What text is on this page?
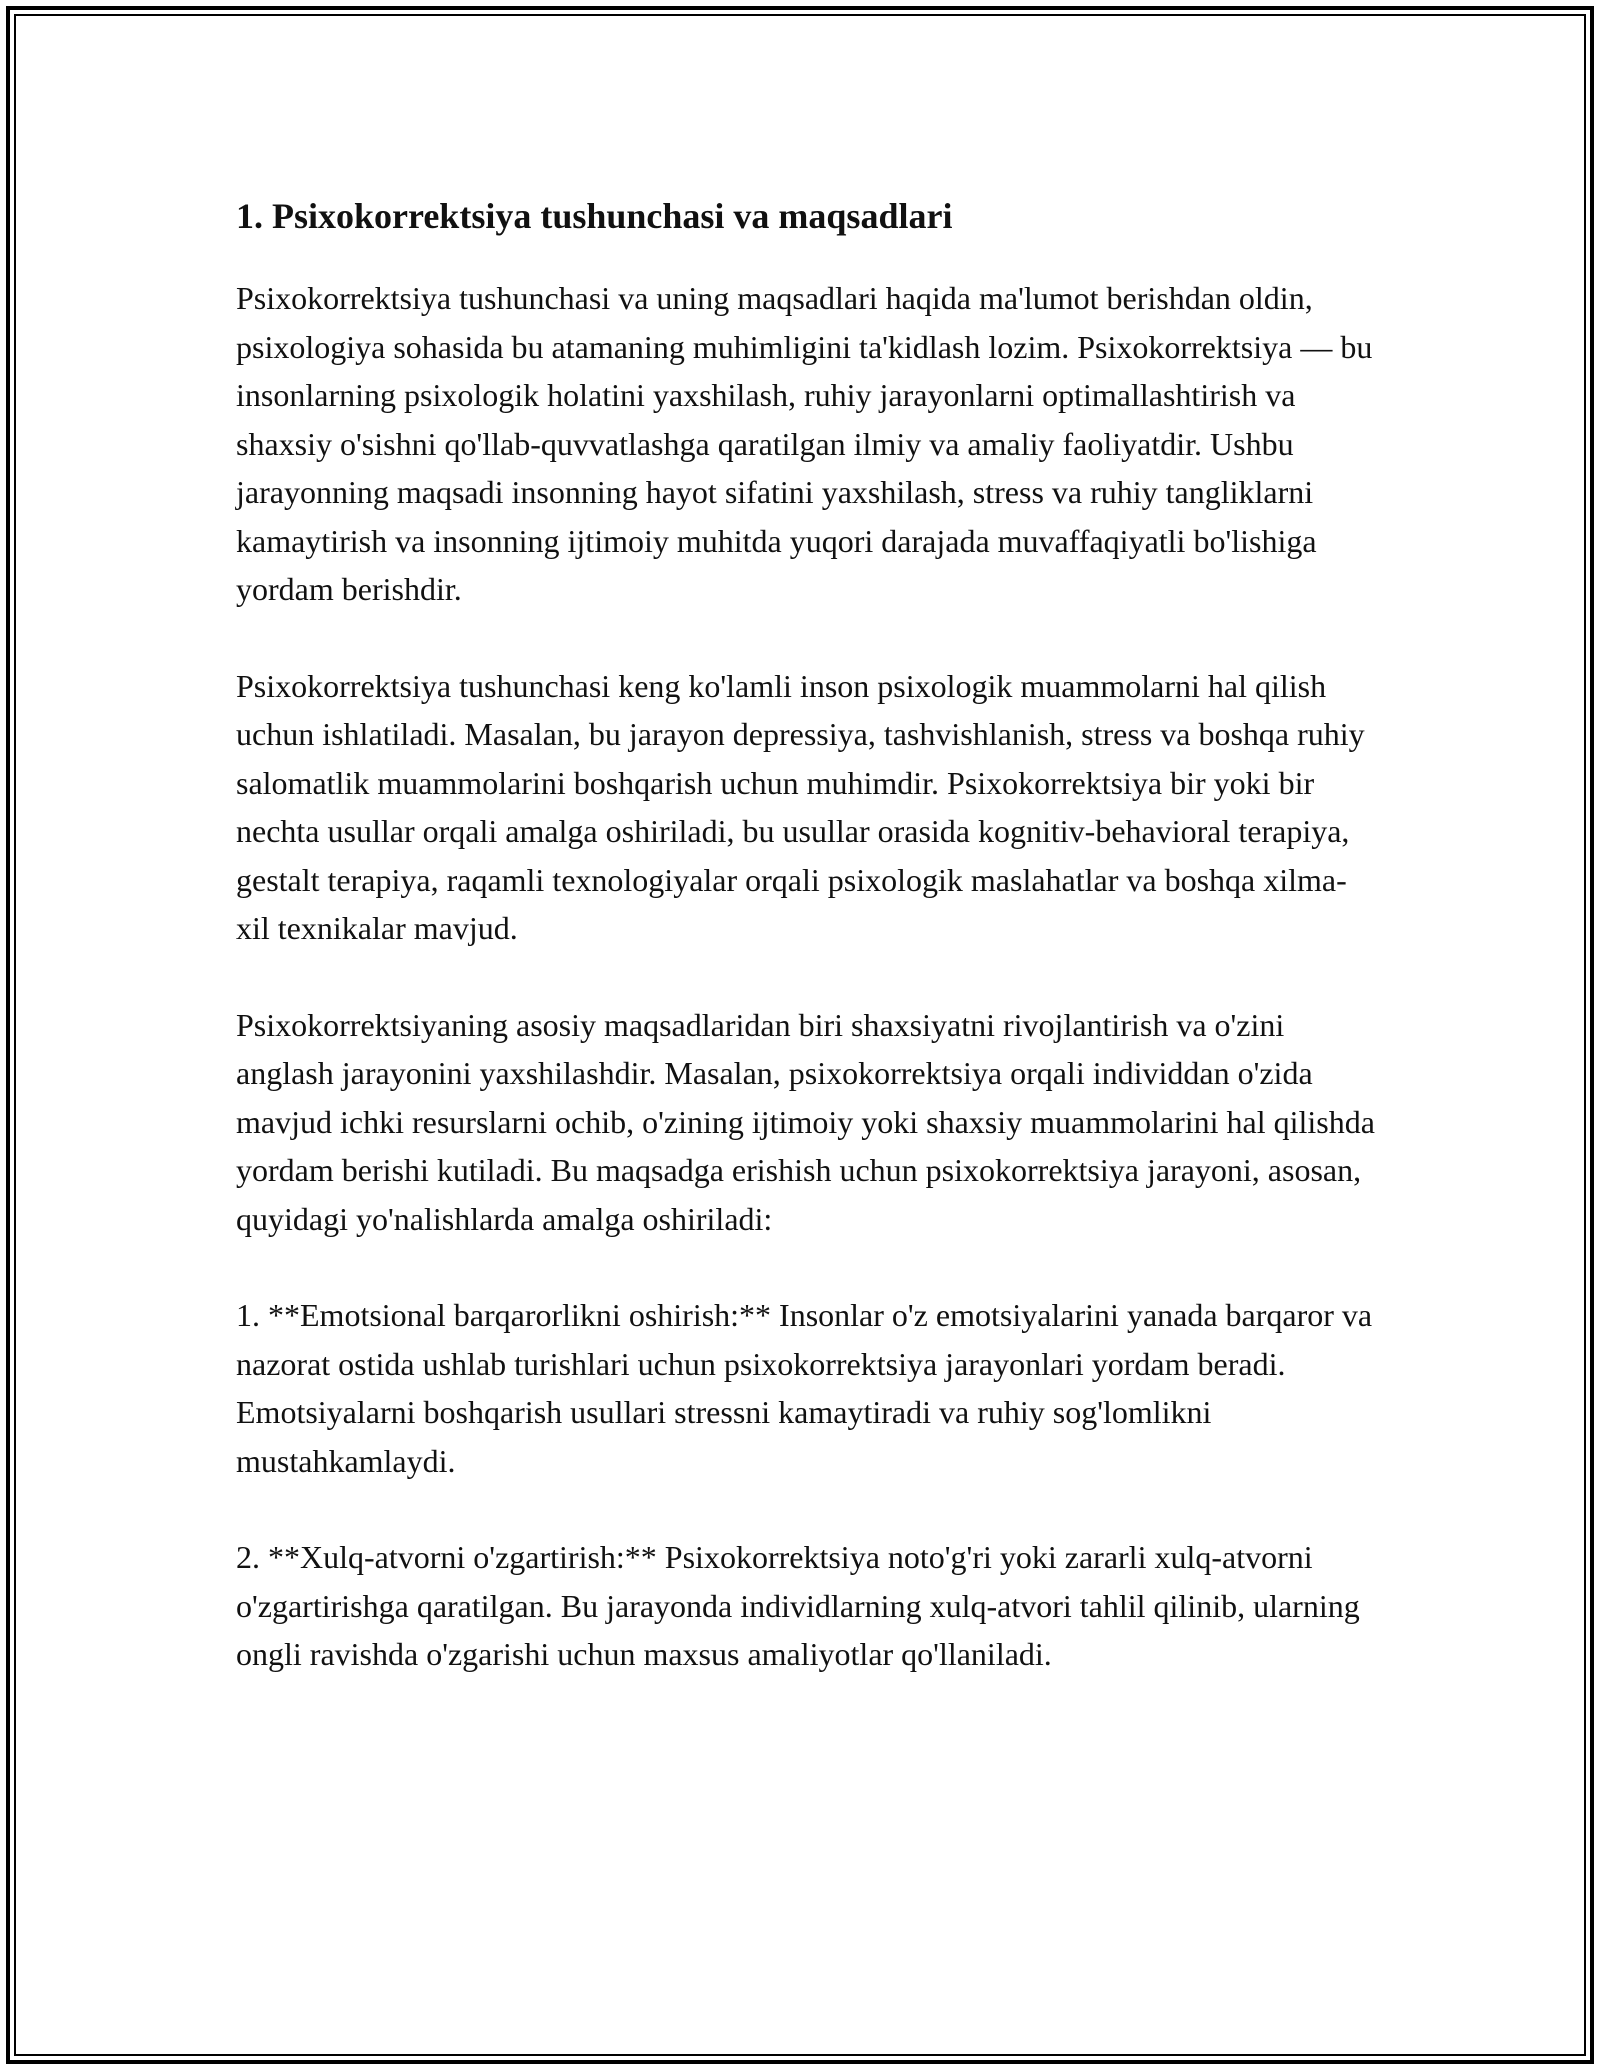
1. Psixokorrektsiya tushunchasi va maqsadlari

Psixokorrektsiya tushunchasi va uning maqsadlari haqida ma'lumot berishdan oldin, psixologiya sohasida bu atamaning muhimligini ta'kidlash lozim. Psixokorrektsiya — bu insonlarning psixologik holatini yaxshilash, ruhiy jarayonlarni optimallashtirish va shaxsiy o'sishni qo'llab-quvvatlashga qaratilgan ilmiy va amaliy faoliyatdir. Ushbu jarayonning maqsadi insonning hayot sifatini yaxshilash, stress va ruhiy tangliklarni kamaytirish va insonning ijtimoiy muhitda yuqori darajada muvaffaqiyatli bo'lishiga yordam berishdir.

Psixokorrektsiya tushunchasi keng ko'lamli inson psixologik muammolarni hal qilish uchun ishlatiladi. Masalan, bu jarayon depressiya, tashvishlanish, stress va boshqa ruhiy salomatlik muammolarini boshqarish uchun muhimdir. Psixokorrektsiya bir yoki bir nechta usullar orqali amalga oshiriladi, bu usullar orasida kognitiv-behavioral terapiya, gestalt terapiya, raqamli texnologiyalar orqali psixologik maslahatlar va boshqa xilma-xil texnikalar mavjud.

Psixokorrektsiyaning asosiy maqsadlaridan biri shaxsiyatni rivojlantirish va o'zini anglash jarayonini yaxshilashdir. Masalan, psixokorrektsiya orqali individdan o'zida mavjud ichki resurslarni ochib, o'zining ijtimoiy yoki shaxsiy muammolarini hal qilishda yordam berishi kutiladi. Bu maqsadga erishish uchun psixokorrektsiya jarayoni, asosan, quyidagi yo'nalishlarda amalga oshiriladi:

1. **Emotsional barqarorlikni oshirish:** Insonlar o'z emotsiyalarini yanada barqaror va nazorat ostida ushlab turishlari uchun psixokorrektsiya jarayonlari yordam beradi. Emotsiyalarni boshqarish usullari stressni kamaytiradi va ruhiy sog'lomlikni mustahkamlaydi.

2. **Xulq-atvorni o'zgartirish:** Psixokorrektsiya noto'g'ri yoki zararli xulq-atvorni o'zgartirishga qaratilgan. Bu jarayonda individlarning xulq-atvori tahlil qilinib, ularning ongli ravishda o'zgarishi uchun maxsus amaliyotlar qo'llaniladi.
